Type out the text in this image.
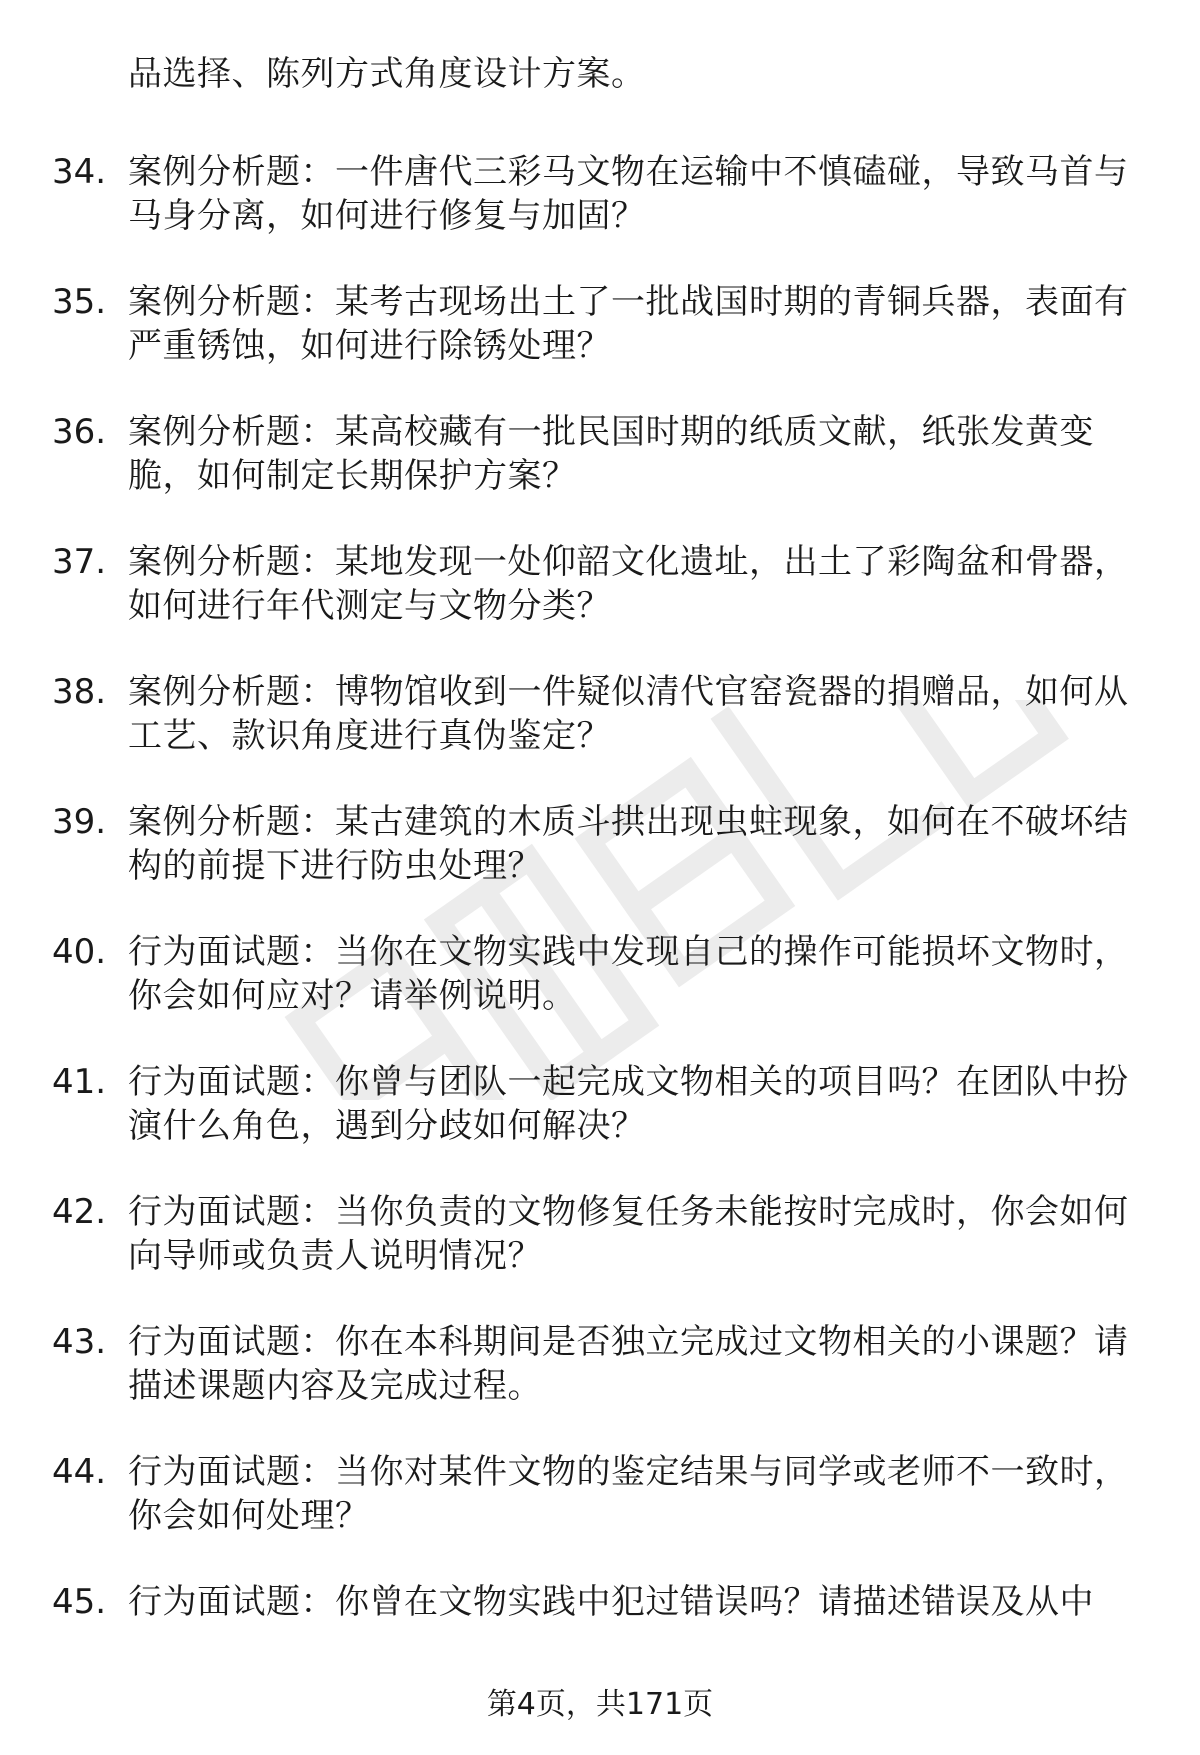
品选择、陈列方式角度设计方案。
34. 案例分析题：一件唐代三彩马文物在运输中不慎磕碰，导致马首与马身分离，如何进行修复与加固？
35. 案例分析题：某考古现场出土了一批战国时期的青铜兵器，表面有严重锈蚀，如何进行除锈处理？
36. 案例分析题：某高校藏有一批民国时期的纸质文献，纸张发黄变脆，如何制定长期保护方案？
37. 案例分析题：某地发现一处仰韶文化遗址，出土了彩陶盆和骨器，如何进行年代测定与文物分类？
38. 案例分析题：博物馆收到一件疑似清代官窑瓷器的捐赠品，如何从工艺、款识角度进行真伪鉴定？
39. 案例分析题：某古建筑的木质斗拱出现虫蛀现象，如何在不破坏结构的前提下进行防虫处理？
40. 行为面试题：当你在文物实践中发现自己的操作可能损坏文物时，你会如何应对？请举例说明。
41. 行为面试题：你曾与团队一起完成文物相关的项目吗？在团队中扮演什么角色，遇到分歧如何解决？
42. 行为面试题：当你负责的文物修复任务未能按时完成时，你会如何向导师或负责人说明情况？
43. 行为面试题：你在本科期间是否独立完成过文物相关的小课题？请描述课题内容及完成过程。
44. 行为面试题：当你对某件文物的鉴定结果与同学或老师不一致时，你会如何处理？
45. 行为面试题：你曾在文物实践中犯过错误吗？请描述错误及从中
第4页，共171页
